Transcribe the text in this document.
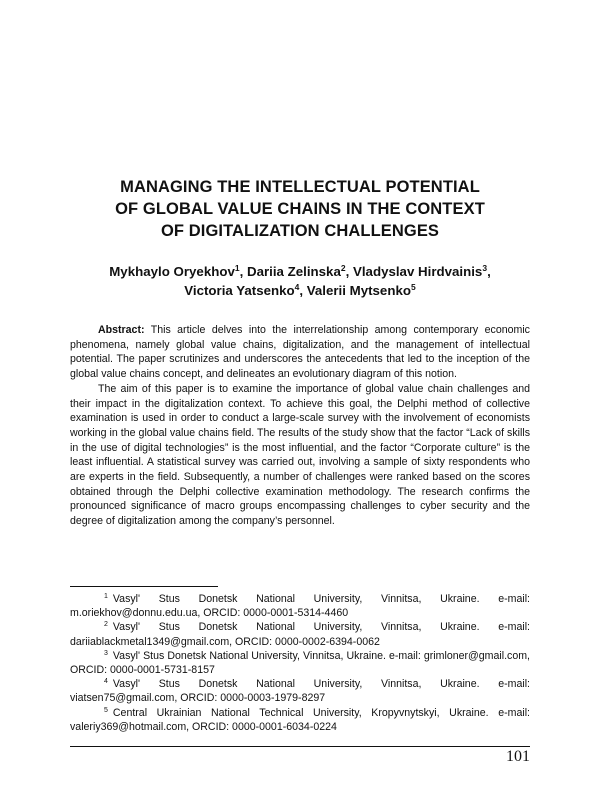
MANAGING THE INTELLECTUAL POTENTIAL
OF GLOBAL VALUE CHAINS IN THE CONTEXT
OF DIGITALIZATION CHALLENGES
Mykhaylo Oryekhov$^1$, Dariia Zelinska$^2$, Vladyslav Hirdvainis$^3$,
Victoria Yatsenko$^4$, Valerii Mytsenko$^5$

Abstract: This article delves into the interrelationship among contemporary economic phenomena, namely global value chains, digitalization, and the management of intellectual potential. The paper scrutinizes and underscores the antecedents that led to the inception of the global value chains concept, and delineates an evolutionary diagram of this notion.

The aim of this paper is to examine the importance of global value chain challenges and their impact in the digitalization context. To achieve this goal, the Delphi method of collective examination is used in order to conduct a large-scale survey with the involvement of economists working in the global value chains field. The results of the study show that the factor “Lack of skills in the use of digital technologies” is the most influential, and the factor “Corporate culture” is the least influential. A statistical survey was carried out, involving a sample of sixty respondents who are experts in the field. Subsequently, a number of challenges were ranked based on the scores obtained through the Delphi collective examination methodology. The research confirms the pronounced significance of macro groups encompassing challenges to cyber security and the degree of digitalization among the company’s personnel.

$^1$ Vasyl' Stus Donetsk National University, Vinnitsa, Ukraine. e-mail: m.oriekhov@donnu.edu.ua, ORCID: 0000-0001-5314-4460

$^2$ Vasyl' Stus Donetsk National University, Vinnitsa, Ukraine. e-mail: dariiablackmetal1349@gmail.com, ORCID: 0000-0002-6394-0062

$^3$ Vasyl' Stus Donetsk National University, Vinnitsa, Ukraine. e-mail: grimloner@gmail.com, ORCID: 0000-0001-5731-8157

$^4$ Vasyl' Stus Donetsk National University, Vinnitsa, Ukraine. e-mail: viatsen75@gmail.com, ORCID: 0000-0003-1979-8297

$^5$ Central Ukrainian National Technical University, Kropyvnytskyi, Ukraine. e-mail: valeriy369@hotmail.com, ORCID: 0000-0001-6034-0224

101
